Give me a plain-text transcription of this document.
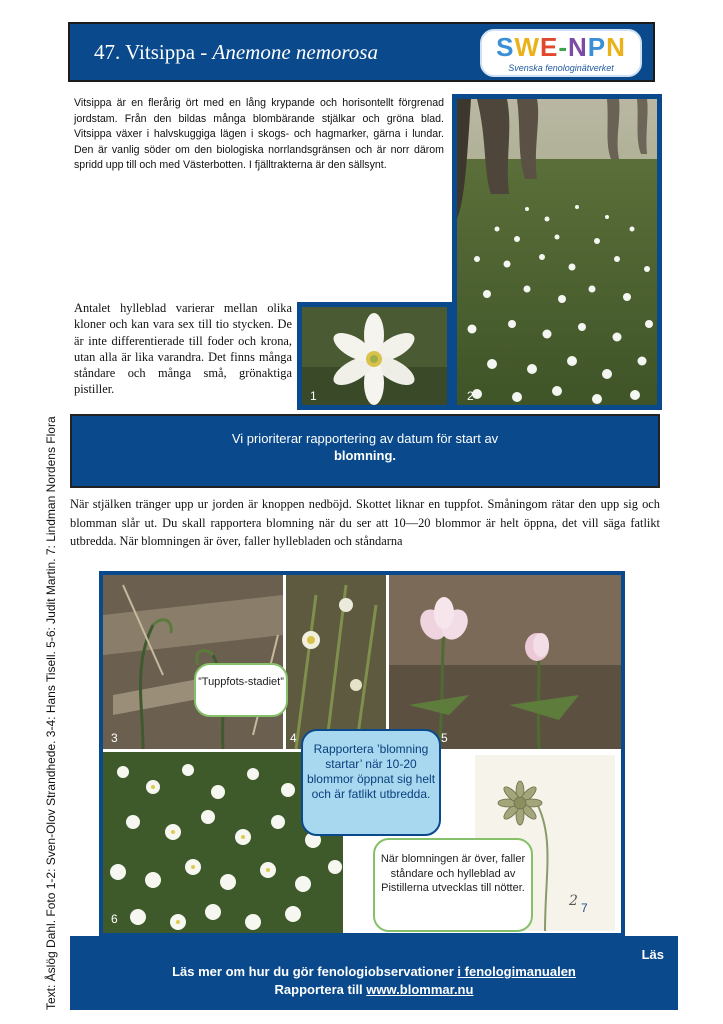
47. Vitsippa - Anemone nemorosa	SWE-NPN
Svenska fenologinätverket
Vitsippa är en flerårig ört med en lång krypande och horisontellt förgrenad jordstam. Från den bildas många blombärande stjälkar och gröna blad. Vitsippa växer i halvskuggiga lägen i skogs- och hagmarker, gärna i lundar. Den är vanlig söder om den biologiska norrlandsgränsen och är norr därom spridd upp till och med Västerbotten. I fjälltrakterna är den sällsynt.
2
1
Antalet hylleblad varierar mellan olika kloner och kan vara sex till tio stycken. De är inte differentierade till foder och krona, utan alla är lika varandra. Det finns många ståndare och många små, grönaktiga pistiller.
Vi prioriterar rapportering av datum för start av
blomning.
När stjälken tränger upp ur jorden är knoppen nedböjd. Skottet liknar en tuppfot. Småningom rätar den upp sig och blomman slår ut. Du skall rapportera blomning när du ser att 10—20 blommor är helt öppna, det vill säga fatlikt utbredda. När blomningen är över, faller hyllebladen och ståndarna
Text: Åslög Dahl. Foto 1-2: Sven-Olov Strandhede. 3-4: Hans Tisell. 5-6: Judit Martin. 7: Lindman Nordens Flora	3	4	5
6
2 7
”Tuppfots-stadiet”
Rapportera ’blomning startar’ när 10-20 blommor öppnat sig helt och är fatlikt utbredda.
När blomningen är över, faller ståndare och hylleblad av Pistillerna utvecklas till nötter.
Läs
Läs mer om hur du gör fenologiobservationer i fenologimanualen
Rapportera till www.blommar.nu
